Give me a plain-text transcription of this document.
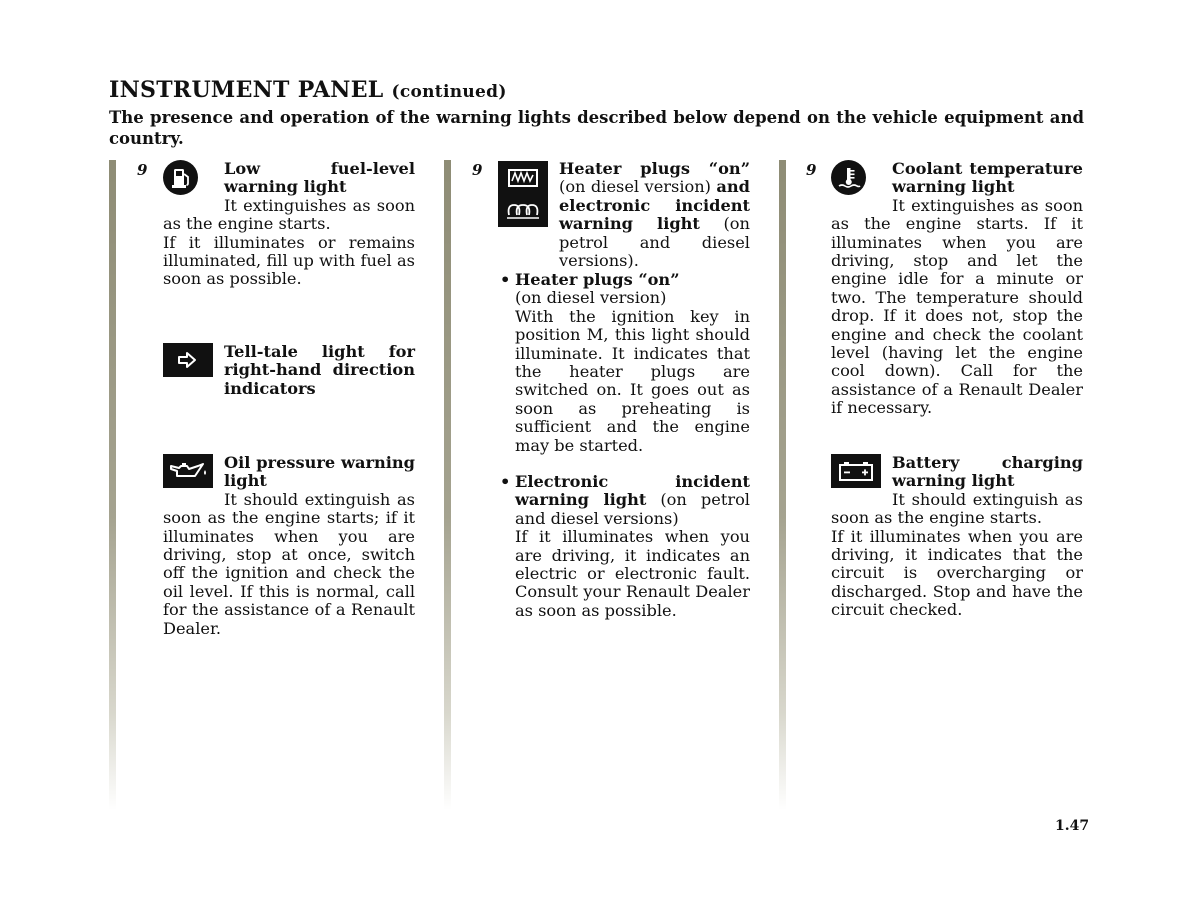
INSTRUMENT PANEL (continued)
The presence and operation of the warning lights described below depend on the vehicle equipment and country.
9	Low fuel-level warning light

It extinguishes as soon as the engine starts.

If it illuminates or remains illuminated, fill up with fuel as soon as possible.

Tell-tale light for right-hand direction indicators
Oil pressure warning light

It should extinguish as soon as the engine starts; if it illuminates when you are driving, stop at once, switch off the ignition and check the oil level. If this is normal, call for the assistance of a Renault Dealer.

9	Heater plugs “on” (on diesel version) and electronic incident warning light (on petrol and diesel versions).

• Heater plugs “on”

(on diesel version)

With the ignition key in position M, this light should illuminate. It indicates that the heater plugs are switched on. It goes out as soon as preheating is sufficient and the engine may be started.

• Electronic incident warning light (on petrol and diesel versions)

If it illuminates when you are driving, it indicates an electric or electronic fault. Consult your Renault Dealer as soon as possible.

9	Coolant temperature warning light

It extinguishes as soon as the engine starts. If it illuminates when you are driving, stop and let the engine idle for a minute or two. The temperature should drop. If it does not, stop the engine and check the coolant level (having let the engine cool down). Call for the assistance of a Renault Dealer if necessary.

Battery charging warning light

It should extinguish as soon as the engine starts.

If it illuminates when you are driving, it indicates that the circuit is overcharging or discharged. Stop and have the circuit checked.

1.47
